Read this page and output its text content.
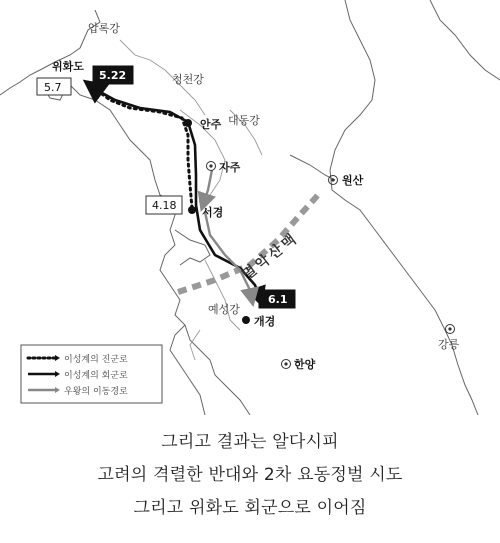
압록강
위화도
청천강
대동강
안주
자주
서경
원산
예성강
개경
한양
강릉
멸악산맥
5.7
5.22
4.18
6.1
이성계의 진군로
이성계의 회군로
우왕의 이동경로
그리고 결과는 알다시피
고려의 격렬한 반대와 2차 요동정벌 시도
그리고 위화도 회군으로 이어짐
